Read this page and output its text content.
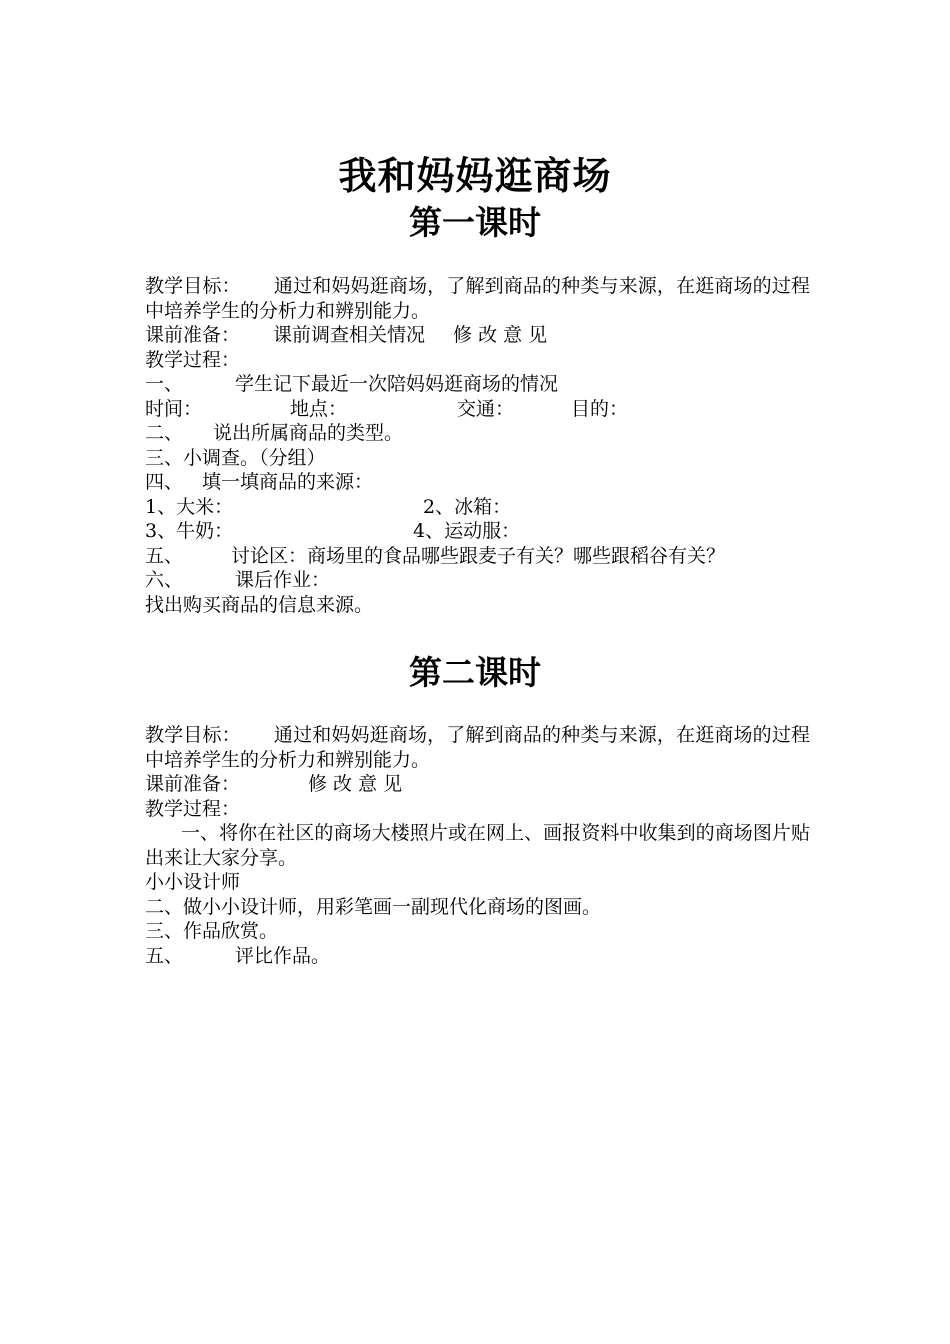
我和妈妈逛商场
第一课时
教学目标： 通过和妈妈逛商场，了解到商品的种类与来源，在逛商场的过程中培养学生的分析力和辨别能力。
课前准备： 课前调查相关情况 修 改 意 见
教学过程：
一、	学生记下最近一次陪妈妈逛商场的情况
时间：	地点：	交通：	目的：
二、 说出所属商品的类型。
三、小调查。（分组）
四、 填一填商品的来源：
1、大米：	2、冰箱：
3、牛奶：	4、运动服：
五、	讨论区：商场里的食品哪些跟麦子有关？哪些跟稻谷有关？
六、	课后作业：
找出购买商品的信息来源。
第二课时
教学目标： 通过和妈妈逛商场，了解到商品的种类与来源，在逛商场的过程中培养学生的分析力和辨别能力。
课前准备：	修 改 意 见
教学过程：
一、将你在社区的商场大楼照片或在网上、画报资料中收集到的商场图片贴出来让大家分享。
小小设计师
二、做小小设计师，用彩笔画一副现代化商场的图画。
三、作品欣赏。
五、	评比作品。
